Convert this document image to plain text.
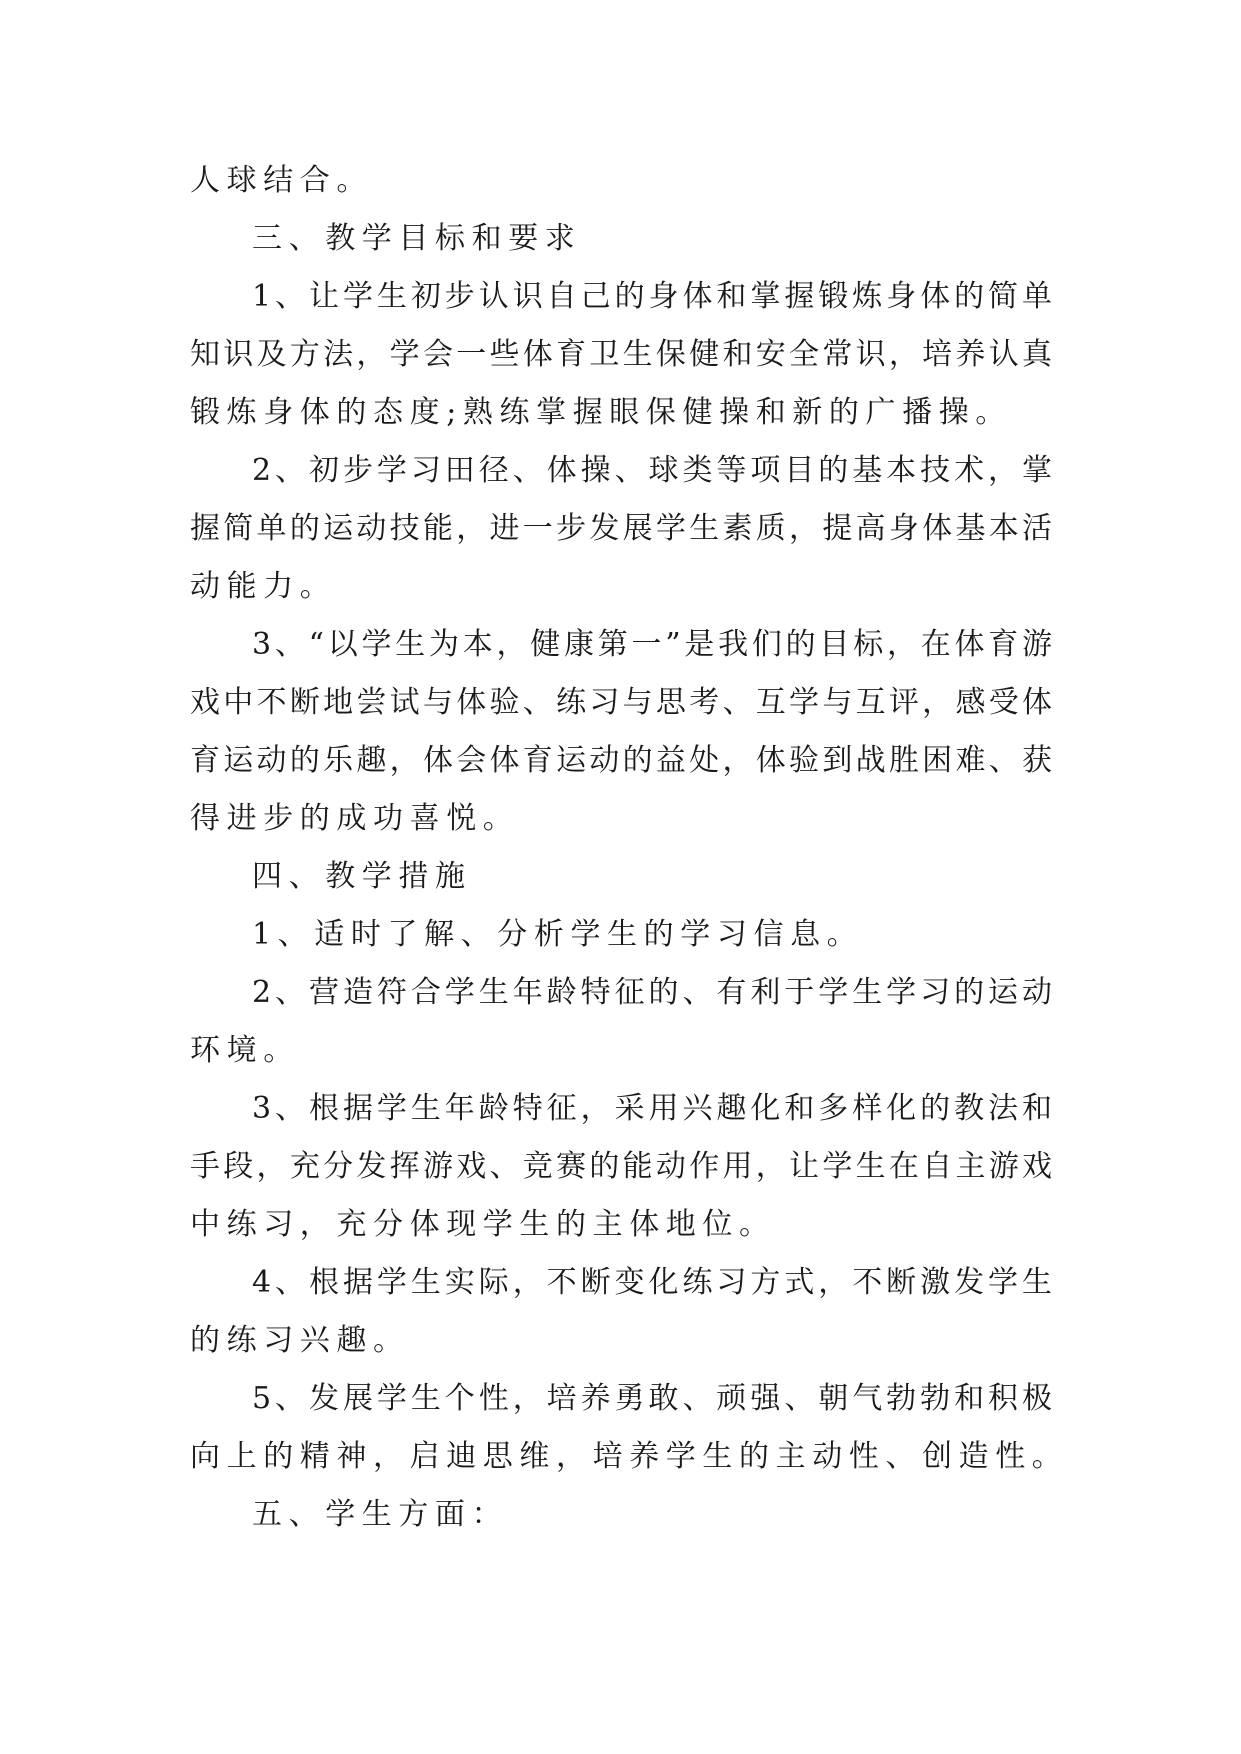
人球结合。
三、教学目标和要求
1、让学生初步认识自己的身体和掌握锻炼身体的简单
知识及方法，学会一些体育卫生保健和安全常识，培养认真
锻炼身体的态度;熟练掌握眼保健操和新的广播操。
2、初步学习田径、体操、球类等项目的基本技术，掌
握简单的运动技能，进一步发展学生素质，提高身体基本活
动能力。
3、“以学生为本，健康第一”是我们的目标，在体育游
戏中不断地尝试与体验、练习与思考、互学与互评，感受体
育运动的乐趣，体会体育运动的益处，体验到战胜困难、获
得进步的成功喜悦。
四、教学措施
1、适时了解、分析学生的学习信息。
2、营造符合学生年龄特征的、有利于学生学习的运动
环境。
3、根据学生年龄特征，采用兴趣化和多样化的教法和
手段，充分发挥游戏、竞赛的能动作用，让学生在自主游戏
中练习，充分体现学生的主体地位。
4、根据学生实际，不断变化练习方式，不断激发学生
的练习兴趣。
5、发展学生个性，培养勇敢、顽强、朝气勃勃和积极
向上的精神，启迪思维，培养学生的主动性、创造性。
五、学生方面：
